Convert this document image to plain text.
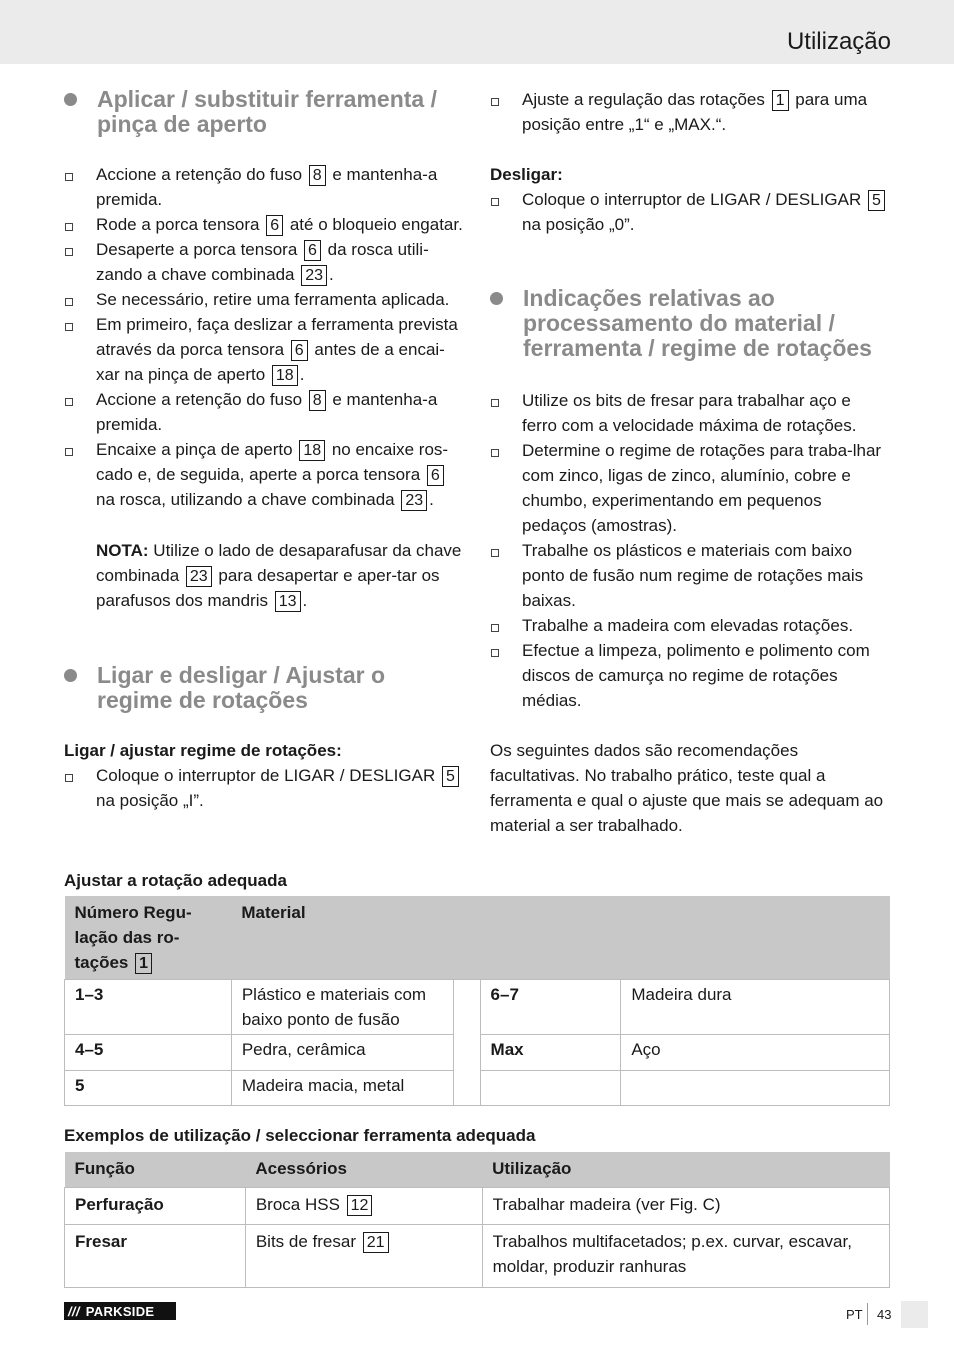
Utilização
Aplicar / substituir ferramenta / pinça de aperto
Accione a retenção do fuso 8 e mantenha-a premida.
Rode a porca tensora 6 até o bloqueio engatar.
Desaperte a porca tensora 6 da rosca utili-zando a chave combinada 23 .
Se necessário, retire uma ferramenta aplicada.
Em primeiro, faça deslizar a ferramenta prevista através da porca tensora 6 antes de a encai-xar na pinça de aperto 18 .
Accione a retenção do fuso 8 e mantenha-a premida.
Encaixe a pinça de aperto 18 no encaixe ros-cado e, de seguida, aperte a porca tensora 6 na rosca, utilizando a chave combinada 23 .
NOTA: Utilize o lado de desaparafusar da chave combinada 23 para desapertar e aper-tar os parafusos dos mandris 13 .
Ligar e desligar / Ajustar o regime de rotações
Ligar / ajustar regime de rotações:
Coloque o interruptor de LIGAR / DESLIGAR 5 na posição „I”.
Ajuste a regulação das rotações 1 para uma posição entre „1“ e „MAX.“.
Desligar:
Coloque o interruptor de LIGAR / DESLIGAR 5 na posição „0”.
Indicações relativas ao processamento do material / ferramenta / regime de rotações
Utilize os bits de fresar para trabalhar aço e ferro com a velocidade máxima de rotações.
Determine o regime de rotações para traba-lhar com zinco, ligas de zinco, alumínio, cobre e chumbo, experimentando em pequenos pedaços (amostras).
Trabalhe os plásticos e materiais com baixo ponto de fusão num regime de rotações mais baixas.
Trabalhe a madeira com elevadas rotações.
Efectue a limpeza, polimento e polimento com discos de camurça no regime de rotações médias.
Os seguintes dados são recomendações facultativas. No trabalho prático, teste qual a ferramenta e qual o ajuste que mais se adequam ao material a ser trabalhado.
Ajustar a rotação adequada
Número Regu-lação das ro-tações 1	Material			
1–3	Plástico e materiais com baixo ponto de fusão		6–7	Madeira dura
4–5	Pedra, cerâmica		Max	Aço
5	Madeira macia, metal			
Exemplos de utilização / seleccionar ferramenta adequada
Função	Acessórios	Utilização
Perfuração	Broca HSS 12	Trabalhar madeira (ver Fig. C)
Fresar	Bits de fresar 21	Trabalhos multifacetados; p.ex. curvar, escavar, moldar, produzir ranhuras
/// PARKSIDE	PT 43
